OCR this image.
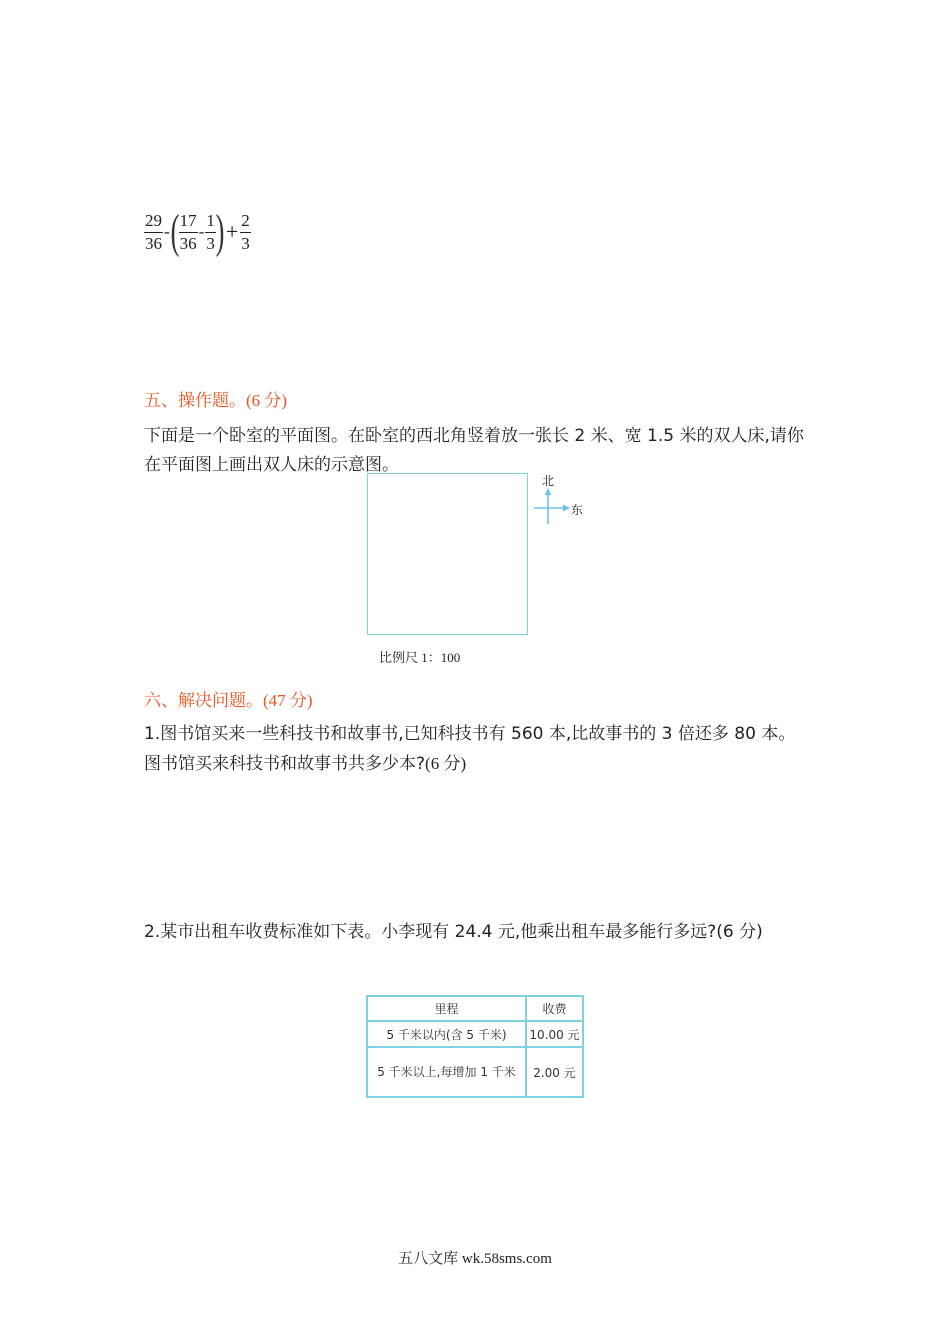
$\frac{29}{36}$ - ( $\frac{17}{36} - \frac{1}{3}$ ) + $\frac{2}{3}$
五、操作题。(6 分)
下面是一个卧室的平面图。在卧室的西北角竖着放一张长 2 米、宽 1.5 米的双人床,请你在平面图上画出双人床的示意图。
北
东
比例尺 1：100
六、解决问题。(47 分)
1.图书馆买来一些科技书和故事书,已知科技书有 560 本,比故事书的 3 倍还多 80 本。图书馆买来科技书和故事书共多少本?(6 分)
2.某市出租车收费标准如下表。小李现有 24.4 元,他乘出租车最多能行多远?(6 分)
里程	收费
5 千米以内(含 5 千米)	10.00 元
5 千米以上,每增加 1 千米	2.00 元
五八文库 wk.58sms.com
